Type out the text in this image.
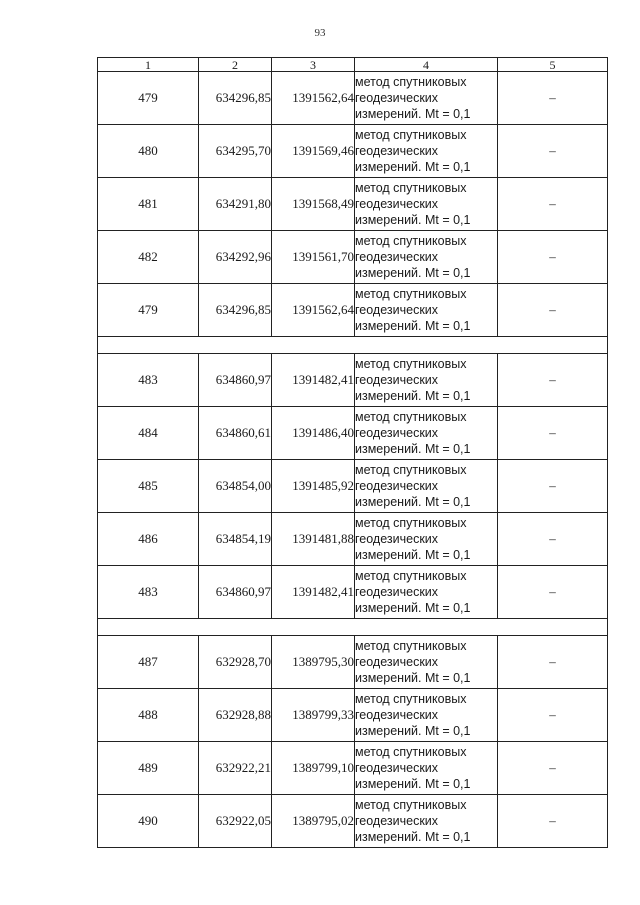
93
1	2	3	4	5
479	634296,85	1391562,64	метод спутниковых
геодезических
измерений. Mt = 0,1	–
480	634295,70	1391569,46	метод спутниковых
геодезических
измерений. Mt = 0,1	–
481	634291,80	1391568,49	метод спутниковых
геодезических
измерений. Mt = 0,1	–
482	634292,96	1391561,70	метод спутниковых
геодезических
измерений. Mt = 0,1	–
479	634296,85	1391562,64	метод спутниковых
геодезических
измерений. Mt = 0,1	–

483	634860,97	1391482,41	метод спутниковых
геодезических
измерений. Mt = 0,1	–
484	634860,61	1391486,40	метод спутниковых
геодезических
измерений. Mt = 0,1	–
485	634854,00	1391485,92	метод спутниковых
геодезических
измерений. Mt = 0,1	–
486	634854,19	1391481,88	метод спутниковых
геодезических
измерений. Mt = 0,1	–
483	634860,97	1391482,41	метод спутниковых
геодезических
измерений. Mt = 0,1	–

487	632928,70	1389795,30	метод спутниковых
геодезических
измерений. Mt = 0,1	–
488	632928,88	1389799,33	метод спутниковых
геодезических
измерений. Mt = 0,1	–
489	632922,21	1389799,10	метод спутниковых
геодезических
измерений. Mt = 0,1	–
490	632922,05	1389795,02	метод спутниковых
геодезических
измерений. Mt = 0,1	–
